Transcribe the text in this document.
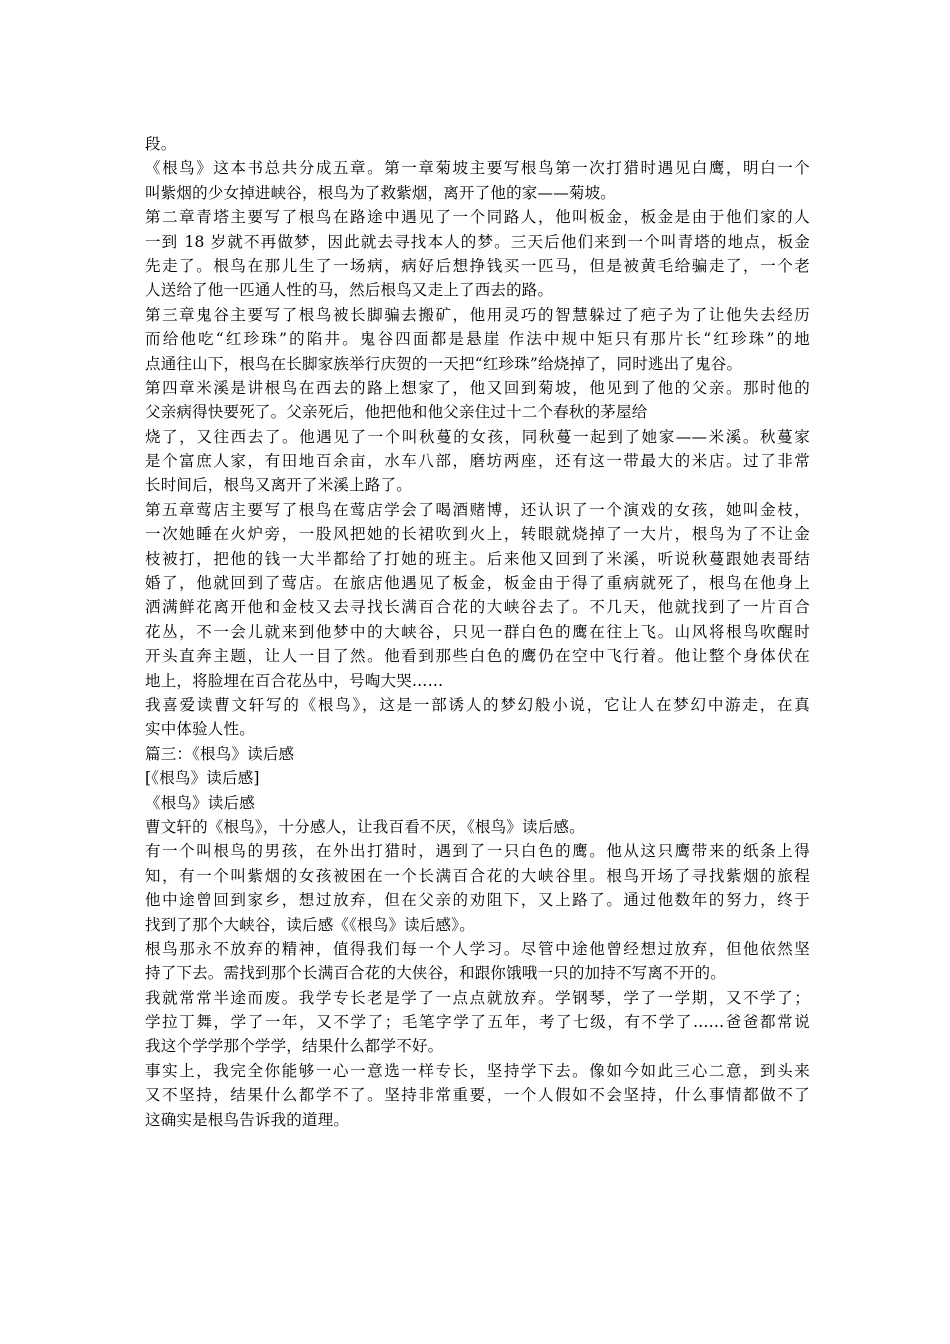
段。
《根鸟》这本书总共分成五章。第一章菊坡主要写根鸟第一次打猎时遇见白鹰，明白一个
叫紫烟的少女掉进峡谷，根鸟为了救紫烟，离开了他的家——菊坡。
第二章青塔主要写了根鸟在路途中遇见了一个同路人，他叫板金，板金是由于他们家的人
一到 18 岁就不再做梦，因此就去寻找本人的梦。三天后他们来到一个叫青塔的地点，板金
先走了。根鸟在那儿生了一场病，病好后想挣钱买一匹马，但是被黄毛给骗走了，一个老
人送给了他一匹通人性的马，然后根鸟又走上了西去的路。
第三章鬼谷主要写了根鸟被长脚骗去搬矿，他用灵巧的智慧躲过了疤子为了让他失去经历
而给他吃“红珍珠”的陷井。鬼谷四面都是悬崖 作法中规中矩只有那片长“红珍珠”的地
点通往山下，根鸟在长脚家族举行庆贺的一天把“红珍珠”给烧掉了，同时逃出了鬼谷。
第四章米溪是讲根鸟在西去的路上想家了，他又回到菊坡，他见到了他的父亲。那时他的
父亲病得快要死了。父亲死后，他把他和他父亲住过十二个春秋的茅屋给
烧了，又往西去了。他遇见了一个叫秋蔓的女孩，同秋蔓一起到了她家——米溪。秋蔓家
是个富庶人家，有田地百余亩，水车八部，磨坊两座，还有这一带最大的米店。过了非常
长时间后，根鸟又离开了米溪上路了。
第五章莺店主要写了根鸟在莺店学会了喝酒赌博，还认识了一个演戏的女孩，她叫金枝，
一次她睡在火炉旁，一股风把她的长裙吹到火上，转眼就烧掉了一大片，根鸟为了不让金
枝被打，把他的钱一大半都给了打她的班主。后来他又回到了米溪，听说秋蔓跟她表哥结
婚了，他就回到了莺店。在旅店他遇见了板金，板金由于得了重病就死了，根鸟在他身上
洒满鲜花离开他和金枝又去寻找长满百合花的大峡谷去了。不几天，他就找到了一片百合
花丛，不一会儿就来到他梦中的大峡谷，只见一群白色的鹰在往上飞。山风将根鸟吹醒时
开头直奔主题，让人一目了然。他看到那些白色的鹰仍在空中飞行着。他让整个身体伏在
地上，将脸埋在百合花丛中，号啕大哭……
我喜爱读曹文轩写的《根鸟》，这是一部诱人的梦幻般小说，它让人在梦幻中游走，在真
实中体验人性。
篇三：《根鸟》读后感
[《根鸟》读后感]
《根鸟》读后感
曹文轩的《根鸟》，十分感人，让我百看不厌，《根鸟》读后感。
有一个叫根鸟的男孩，在外出打猎时，遇到了一只白色的鹰。他从这只鹰带来的纸条上得
知，有一个叫紫烟的女孩被困在一个长满百合花的大峡谷里。根鸟开场了寻找紫烟的旅程
他中途曾回到家乡，想过放弃，但在父亲的劝阻下，又上路了。通过他数年的努力，终于
找到了那个大峡谷，读后感《《根鸟》读后感》。
根鸟那永不放弃的精神，值得我们每一个人学习。尽管中途他曾经想过放弃，但他依然坚
持了下去。需找到那个长满百合花的大侠谷，和跟你饿哦一只的加持不写离不开的。
我就常常半途而废。我学专长老是学了一点点就放弃。学钢琴，学了一学期，又不学了；
学拉丁舞，学了一年，又不学了；毛笔字学了五年，考了七级，有不学了……爸爸都常说
我这个学学那个学学，结果什么都学不好。
事实上，我完全你能够一心一意选一样专长，坚持学下去。像如今如此三心二意，到头来
又不坚持，结果什么都学不了。坚持非常重要，一个人假如不会坚持，什么事情都做不了
这确实是根鸟告诉我的道理。
